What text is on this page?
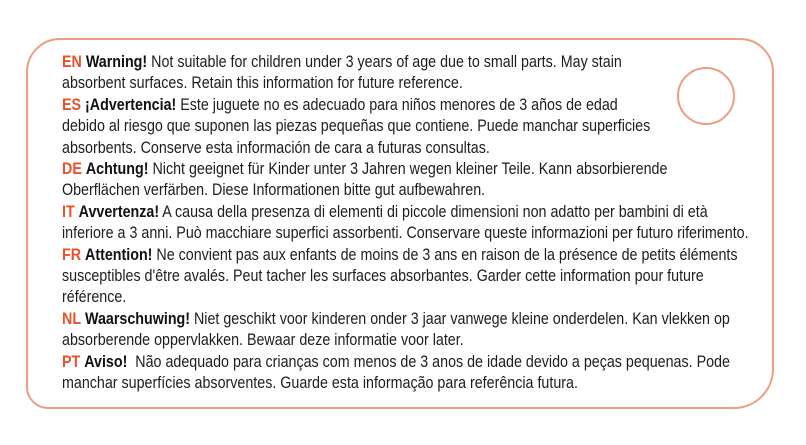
EN Warning! Not suitable for children under 3 years of age due to small parts. May stain
absorbent surfaces. Retain this information for future reference.
ES ¡Advertencia! Este juguete no es adecuado para niños menores de 3 años de edad
debido al riesgo que suponen las piezas pequeñas que contiene. Puede manchar superficies
absorbents. Conserve esta información de cara a futuras consultas.
DE Achtung! Nicht geeignet für Kinder unter 3 Jahren wegen kleiner Teile. Kann absorbierende
Oberflächen verfärben. Diese Informationen bitte gut aufbewahren.
IT Avvertenza! A causa della presenza di elementi di piccole dimensioni non adatto per bambini di età
inferiore a 3 anni. Può macchiare superfici assorbenti. Conservare queste informazioni per futuro riferimento.
FR Attention! Ne convient pas aux enfants de moins de 3 ans en raison de la présence de petits éléments
susceptibles d'être avalés. Peut tacher les surfaces absorbantes. Garder cette information pour future
référence.
NL Waarschuwing! Niet geschikt voor kinderen onder 3 jaar vanwege kleine onderdelen. Kan vlekken op
absorberende oppervlakken. Bewaar deze informatie voor later.
PT Aviso!  Não adequado para crianças com menos de 3 anos de idade devido a peças pequenas. Pode
manchar superfícies absorventes. Guarde esta informação para referência futura.
